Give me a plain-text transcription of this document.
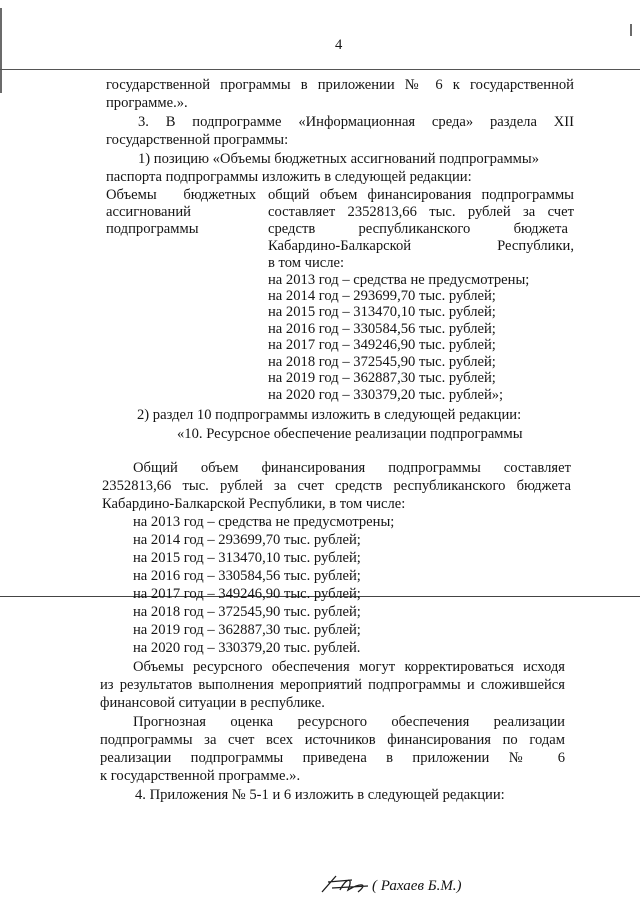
4
государственной программы в приложении № 6 к государственной
программе.».
3. В подпрограмме «Информационная среда» раздела XII
государственной программы:
1) позицию «Объемы бюджетных ассигнований подпрограммы»
паспорта подпрограммы изложить в следующей редакции:
Объемы бюджетных
ассигнований
подпрограммы
общий объем финансирования подпрограммы
составляет 2352813,66 тыс. рублей за счет
средств республиканского бюджета
Кабардино-Балкарской Республики,
в том числе:
на 2013 год – средства не предусмотрены;
на 2014 год – 293699,70 тыс. рублей;
на 2015 год – 313470,10 тыс. рублей;
на 2016 год – 330584,56 тыс. рублей;
на 2017 год – 349246,90 тыс. рублей;
на 2018 год – 372545,90 тыс. рублей;
на 2019 год – 362887,30 тыс. рублей;
на 2020 год – 330379,20 тыс. рублей»;
2) раздел 10 подпрограммы изложить в следующей редакции:
«10. Ресурсное обеспечение реализации подпрограммы
Общий объем финансирования подпрограммы составляет
2352813,66 тыс. рублей за счет средств республиканского бюджета
Кабардино-Балкарской Республики, в том числе:
на 2013 год – средства не предусмотрены;
на 2014 год – 293699,70 тыс. рублей;
на 2015 год – 313470,10 тыс. рублей;
на 2016 год – 330584,56 тыс. рублей;
на 2017 год – 349246,90 тыс. рублей;
на 2018 год – 372545,90 тыс. рублей;
на 2019 год – 362887,30 тыс. рублей;
на 2020 год – 330379,20 тыс. рублей.
Объемы ресурсного обеспечения могут корректироваться исходя
из результатов выполнения мероприятий подпрограммы и сложившейся
финансовой ситуации в республике.
Прогнозная оценка ресурсного обеспечения реализации
подпрограммы за счет всех источников финансирования по годам
реализации подпрограммы приведена в приложении № 6
к государственной программе.».
4. Приложения № 5-1 и 6 изложить в следующей редакции:
( Рахаев Б.М.)
